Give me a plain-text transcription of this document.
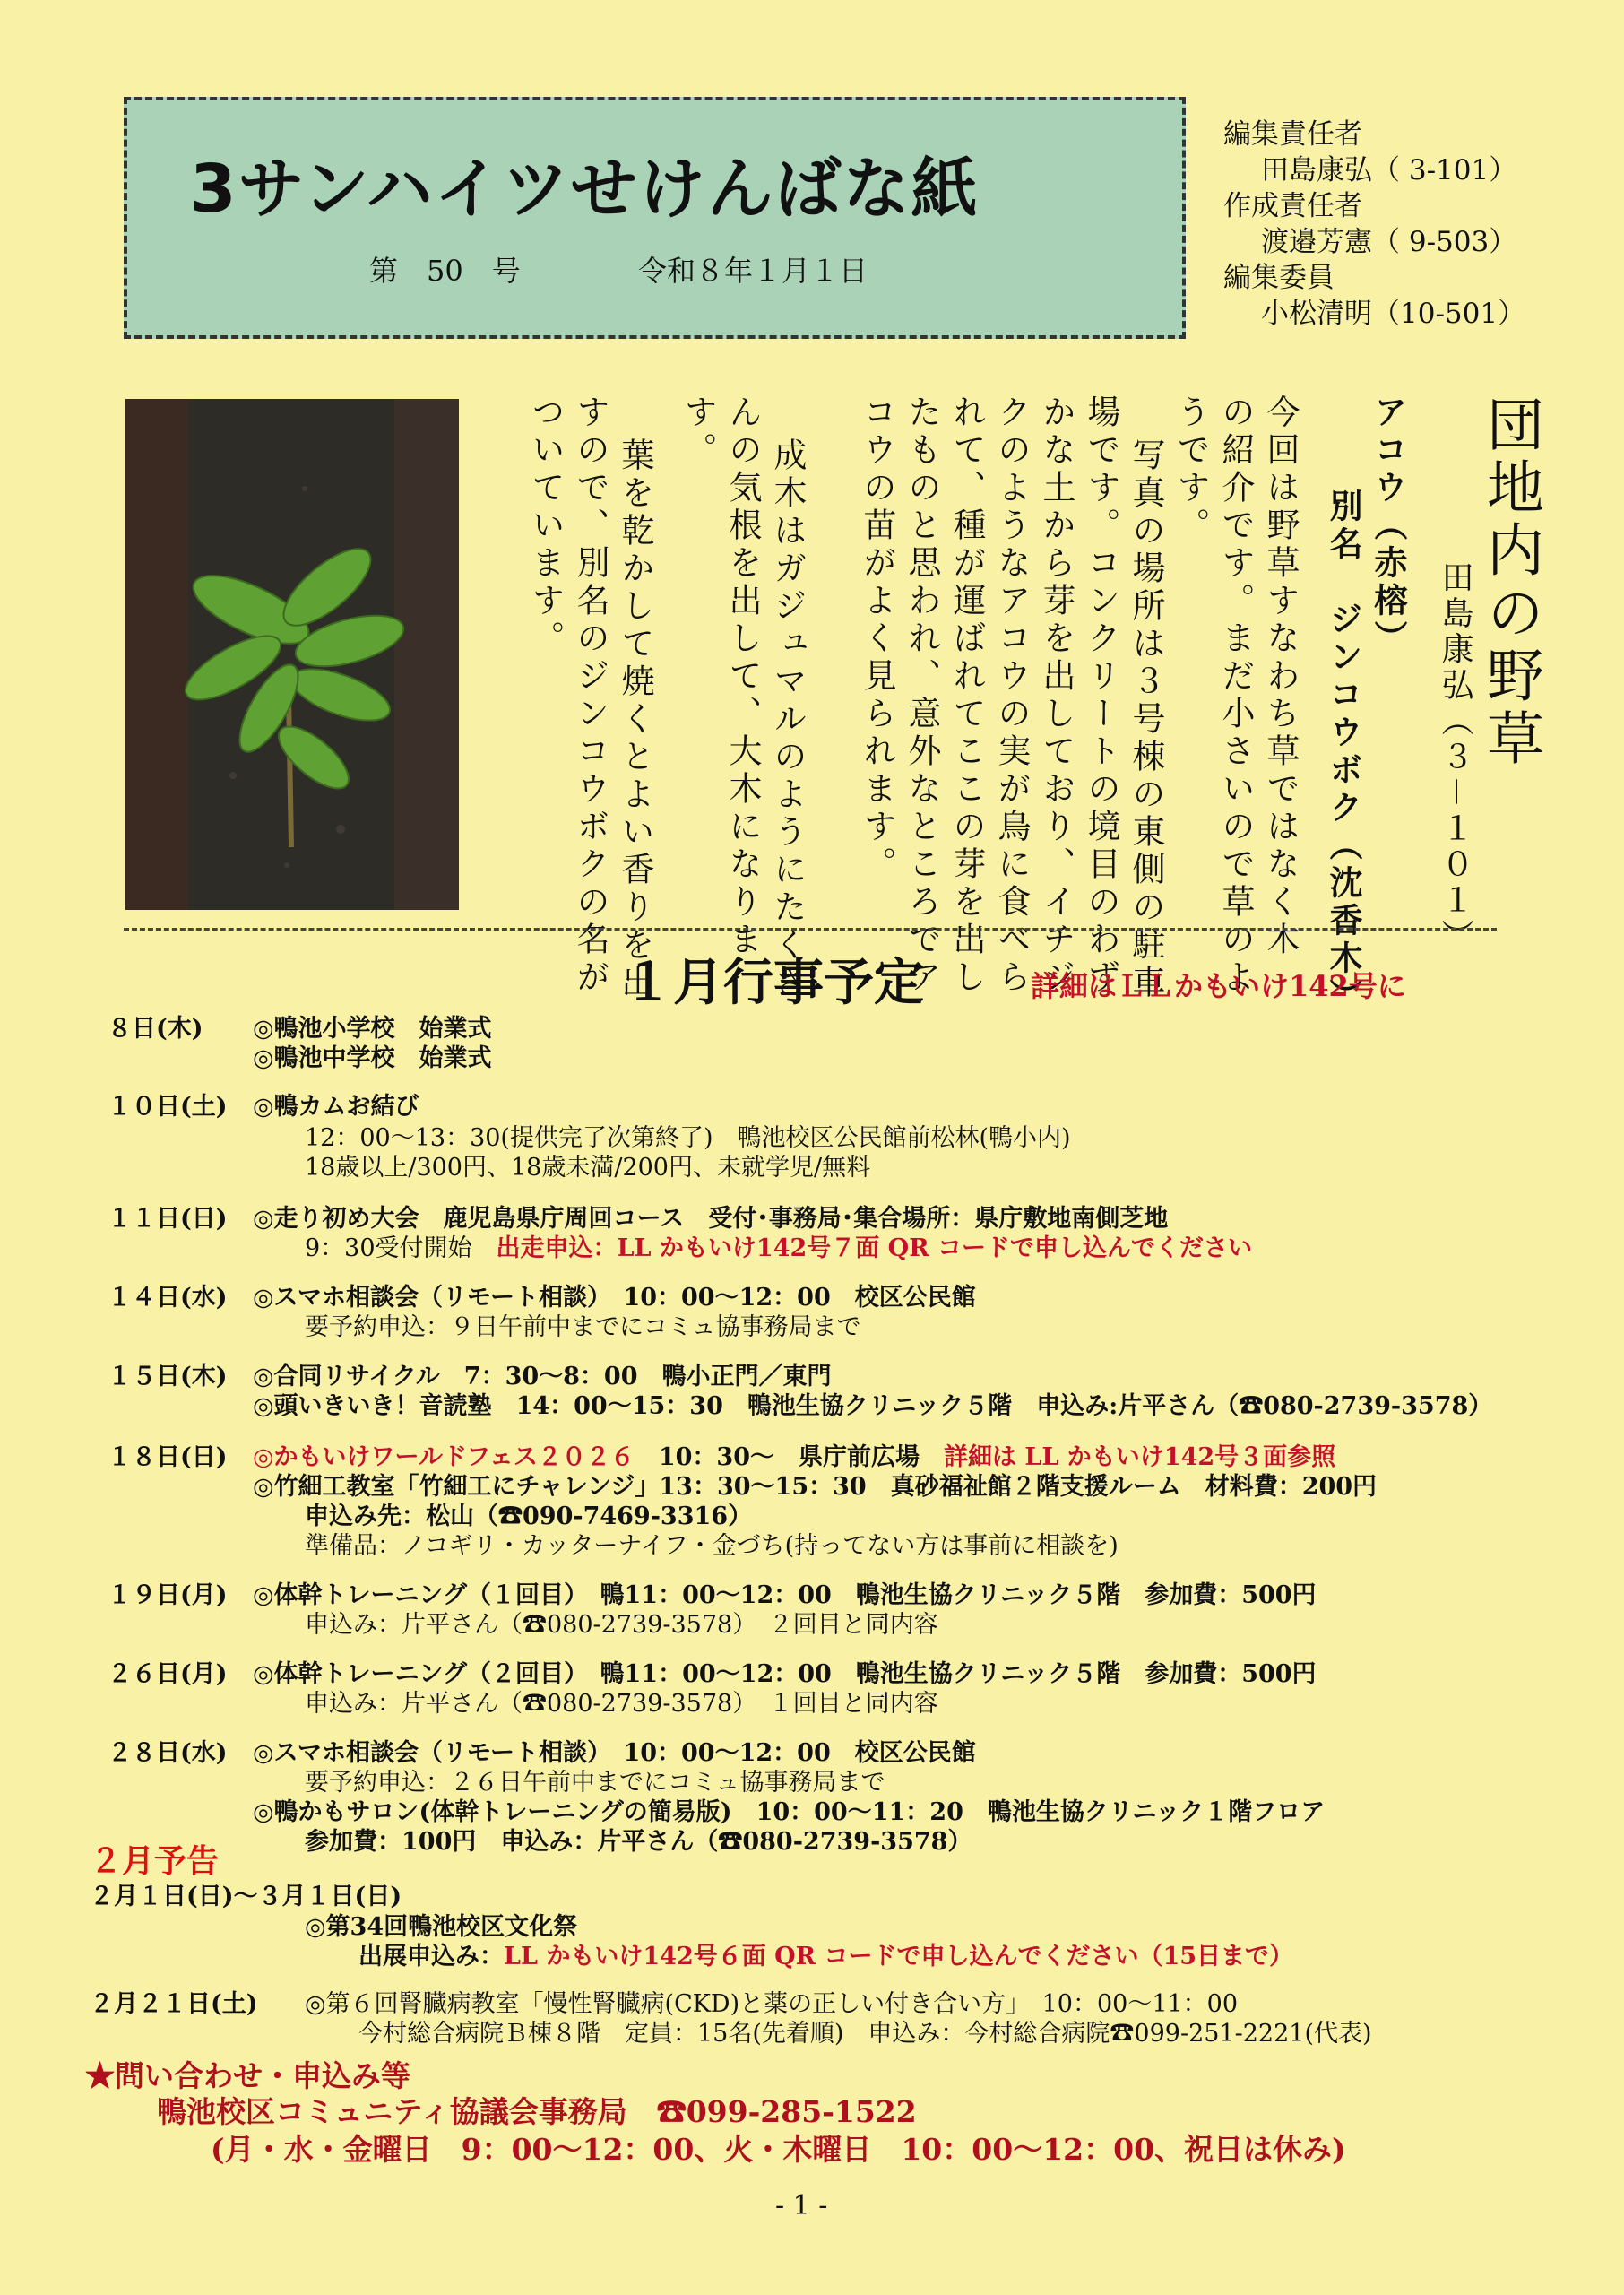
3サンハイツせけんばな紙
第　50　号	令和８年１月１日
編集責任者
田島康弘（ 3-101）
作成責任者
渡邉芳憲（ 9-503）
編集委員
小松清明（10-501）
団地内の野草
田島康弘（３－１０１）
アコウ（赤榕）
別名　ジンコウボク（沈香木）
今回は野草すなわち草ではなく木
の紹介です。まだ小さいので草のよ
うです。
写真の場所は３号棟の東側の駐車
場です。コンクリートの境目のわず
かな土から芽を出しており、イチジ
クのようなアコウの実が鳥に食べら
れて、種が運ばれてここの芽を出し
たものと思われ、意外なところでア
コウの苗がよく見られます。
成木はガジュマルのようにたくさ
んの気根を出して、大木になりま
す。
葉を乾かして焼くとよい香りを出
すので、別名のジンコウボクの名が
ついています。
１月行事予定	詳細はＬＬかもいけ142号に
８日(木) ◎鴨池小学校　始業式
◎鴨池中学校　始業式
１０日(土) ◎鴨カムお結び
12：00～13：30(提供完了次第終了)　鴨池校区公民館前松林(鴨小内)
18歳以上/300円、18歳未満/200円、未就学児/無料
１１日(日) ◎走り初め大会　鹿児島県庁周回コース　受付･事務局･集合場所：県庁敷地南側芝地
9：30受付開始　 出走申込：LL かもいけ142号７面 QR コードで申し込んでください
１４日(水) ◎スマホ相談会（リモート相談）　10：00～12：00　校区公民館
要予約申込：９日午前中までにコミュ協事務局まで
１５日(木) ◎合同リサイクル　7：30～8：00　鴨小正門／東門
◎頭いきいき！音読塾　14：00～15：30　鴨池生協クリニック５階　申込み:片平さん（☎080-2739-3578）
１８日(日) ◎かもいけワールドフェス２０２６　10：30～　県庁前広場　詳細は LL かもいけ142号３面参照
◎竹細工教室「竹細工にチャレンジ」13：30～15：30　真砂福祉館２階支援ルーム　材料費：200円
申込み先：松山（☎090-7469-3316）
準備品：ノコギリ・カッターナイフ・金づち(持ってない方は事前に相談を)
１９日(月) ◎体幹トレーニング（１回目）　鴨11：00～12：00　鴨池生協クリニック５階　参加費：500円
申込み：片平さん（☎080-2739-3578）　２回目と同内容
２６日(月) ◎体幹トレーニング（２回目）　鴨11：00～12：00　鴨池生協クリニック５階　参加費：500円
申込み：片平さん（☎080-2739-3578）　１回目と同内容
２８日(水) ◎スマホ相談会（リモート相談）　10：00～12：00　校区公民館
要予約申込：２６日午前中までにコミュ協事務局まで
◎鴨かもサロン(体幹トレーニングの簡易版)　10：00～11：20　鴨池生協クリニック１階フロア
参加費：100円　申込み：片平さん（☎080-2739-3578）
２月予告
２月１日(日)～３月１日(日)
◎第34回鴨池校区文化祭
出展申込み：LL かもいけ142号６面 QR コードで申し込んでください（15日まで）
２月２１日(土) ◎第６回腎臓病教室「慢性腎臓病(CKD)と薬の正しい付き合い方」　10：00～11：00
今村総合病院Ｂ棟８階　定員：15名(先着順)　申込み：今村総合病院☎099-251-2221(代表)
★問い合わせ・申込み等
鴨池校区コミュニティ協議会事務局　☎099-285-1522
(月・水・金曜日　9：00～12：00、火・木曜日　10：00～12：00、祝日は休み)
- 1 -
